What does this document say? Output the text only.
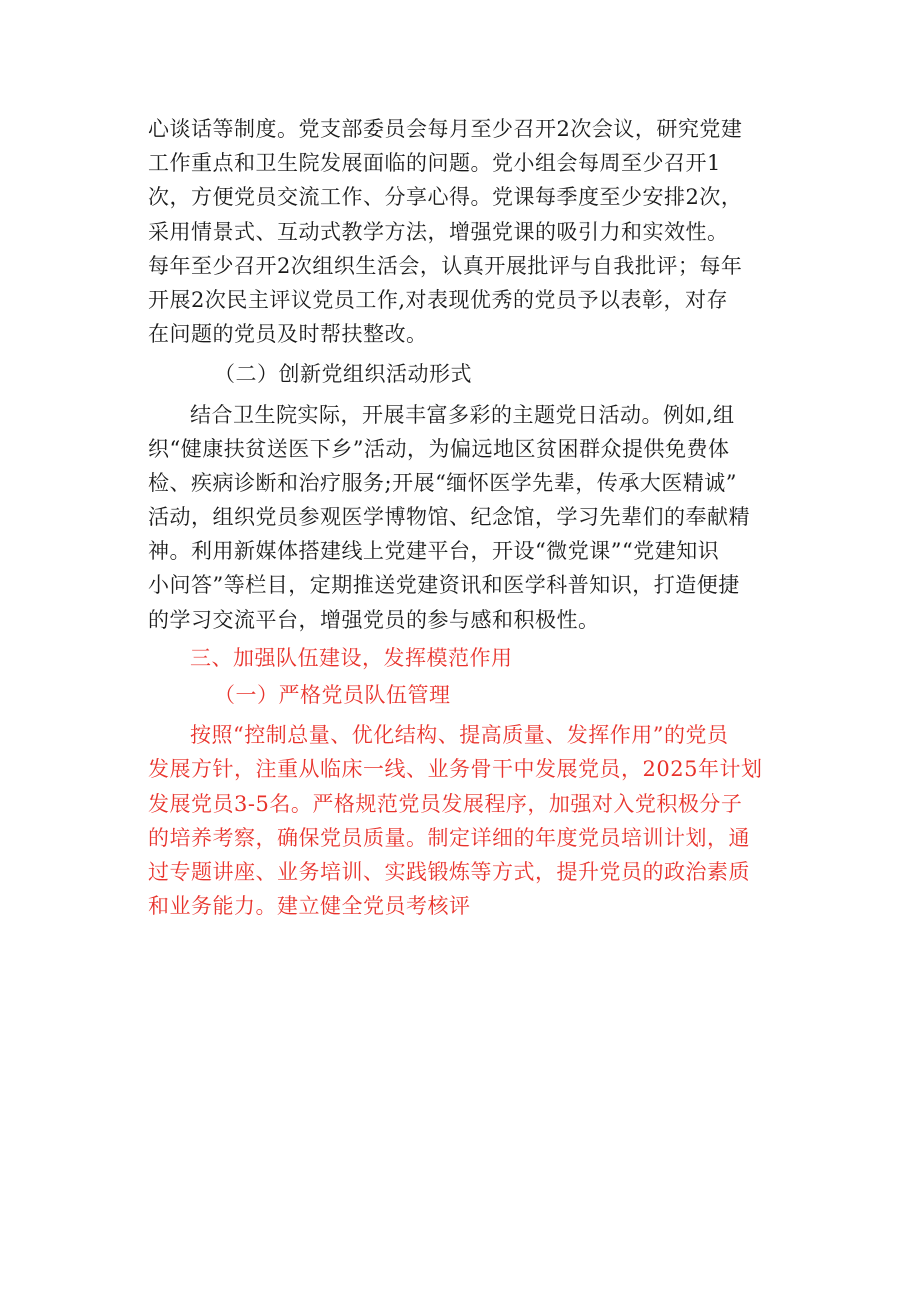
心谈话等制度。党支部委员会每月至少召开2次会议，研究党建
工作重点和卫生院发展面临的问题。党小组会每周至少召开1
次，方便党员交流工作、分享心得。党课每季度至少安排2次，
采用情景式、互动式教学方法，增强党课的吸引力和实效性。
每年至少召开2次组织生活会，认真开展批评与自我批评；每年
开展2次民主评议党员工作,对表现优秀的党员予以表彰，对存
在问题的党员及时帮扶整改。
（二）创新党组织活动形式
结合卫生院实际，开展丰富多彩的主题党日活动。例如,组
织“健康扶贫送医下乡”活动，为偏远地区贫困群众提供免费体
检、疾病诊断和治疗服务;开展“缅怀医学先辈，传承大医精诚”
活动，组织党员参观医学博物馆、纪念馆，学习先辈们的奉献精
神。利用新媒体搭建线上党建平台，开设“微党课”“党建知识
小问答”等栏目，定期推送党建资讯和医学科普知识，打造便捷
的学习交流平台，增强党员的参与感和积极性。
三、加强队伍建设，发挥模范作用
（一）严格党员队伍管理
按照“控制总量、优化结构、提高质量、发挥作用”的党员
发展方针，注重从临床一线、业务骨干中发展党员，2025年计划
发展党员3-5名。严格规范党员发展程序，加强对入党积极分子
的培养考察，确保党员质量。制定详细的年度党员培训计划，通
过专题讲座、业务培训、实践锻炼等方式，提升党员的政治素质
和业务能力。建立健全党员考核评
